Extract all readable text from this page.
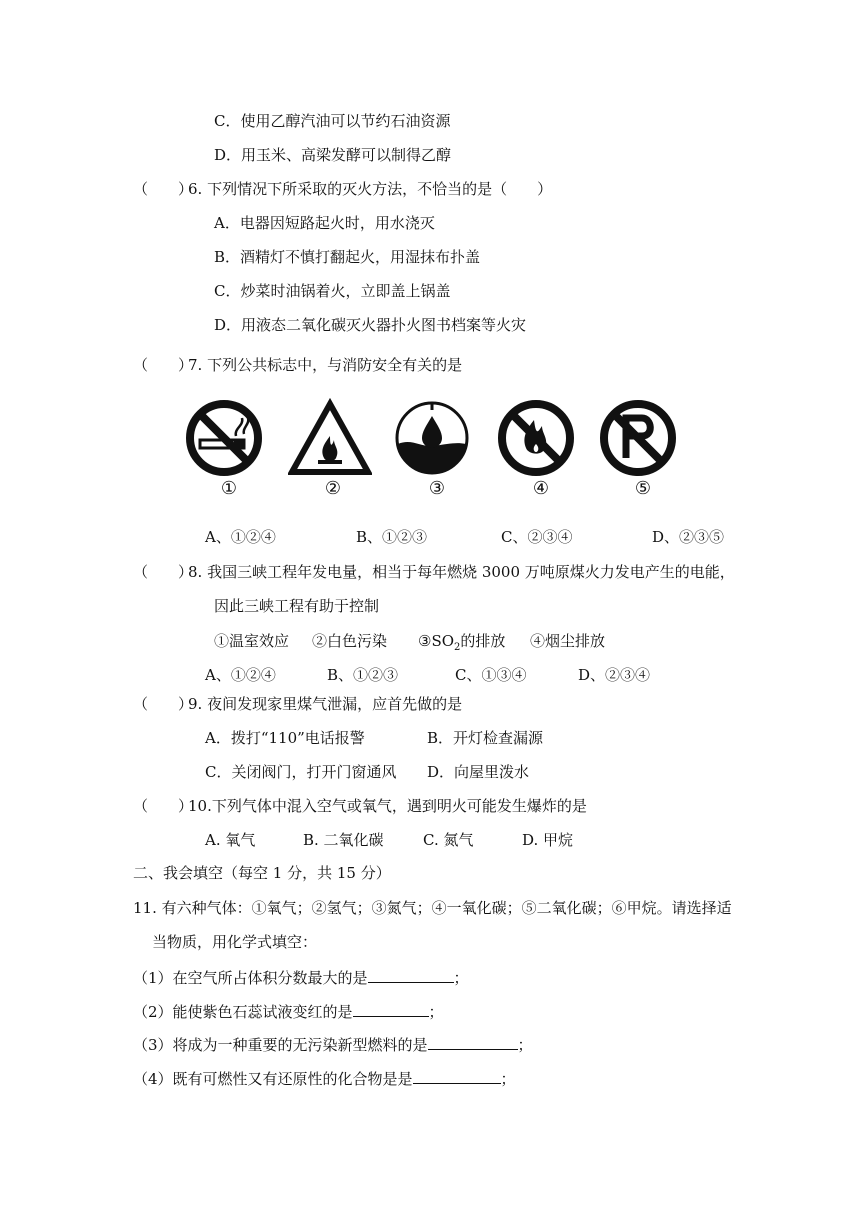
C．使用乙醇汽油可以节约石油资源
D．用玉米、高梁发酵可以制得乙醇
（　　）
6. 下列情况下所采取的灭火方法，不恰当的是（　　）
A．电器因短路起火时，用水浇灭
B．酒精灯不慎打翻起火，用湿抹布扑盖
C．炒菜时油锅着火，立即盖上锅盖
D．用液态二氧化碳灭火器扑火图书档案等火灾
（　　）
7. 下列公共标志中，与消防安全有关的是
①	②	③	④	⑤
A、①②④	B、①②③	C、②③④	D、②③⑤
（　　）
8. 我国三峡工程年发电量，相当于每年燃烧 3000 万吨原煤火力发电产生的电能，
因此三峡工程有助于控制
①温室效应 ②白色污染 $③SO_2$的排放 ④烟尘排放
A、①②④	B、①②③	C、①③④	D、②③④
（　　）
9. 夜间发现家里煤气泄漏，应首先做的是
A．拨打“110”电话报警	B．开灯检查漏源
C．关闭阀门，打开门窗通风 D．向屋里泼水
（　　）
10.下列气体中混入空气或氧气，遇到明火可能发生爆炸的是
A. 氧气	B. 二氧化碳	C. 氮气	D. 甲烷
二、我会填空（每空 1 分，共 15 分）
11. 有六种气体：①氧气；②氢气；③氮气；④一氧化碳；⑤二氧化碳；⑥甲烷。请选择适
当物质，用化学式填空：
（1）在空气所占体积分数最大的是	；
（2）能使紫色石蕊试液变红的是	；
（3）将成为一种重要的无污染新型燃料的是	；
（4）既有可燃性又有还原性的化合物是是	；
